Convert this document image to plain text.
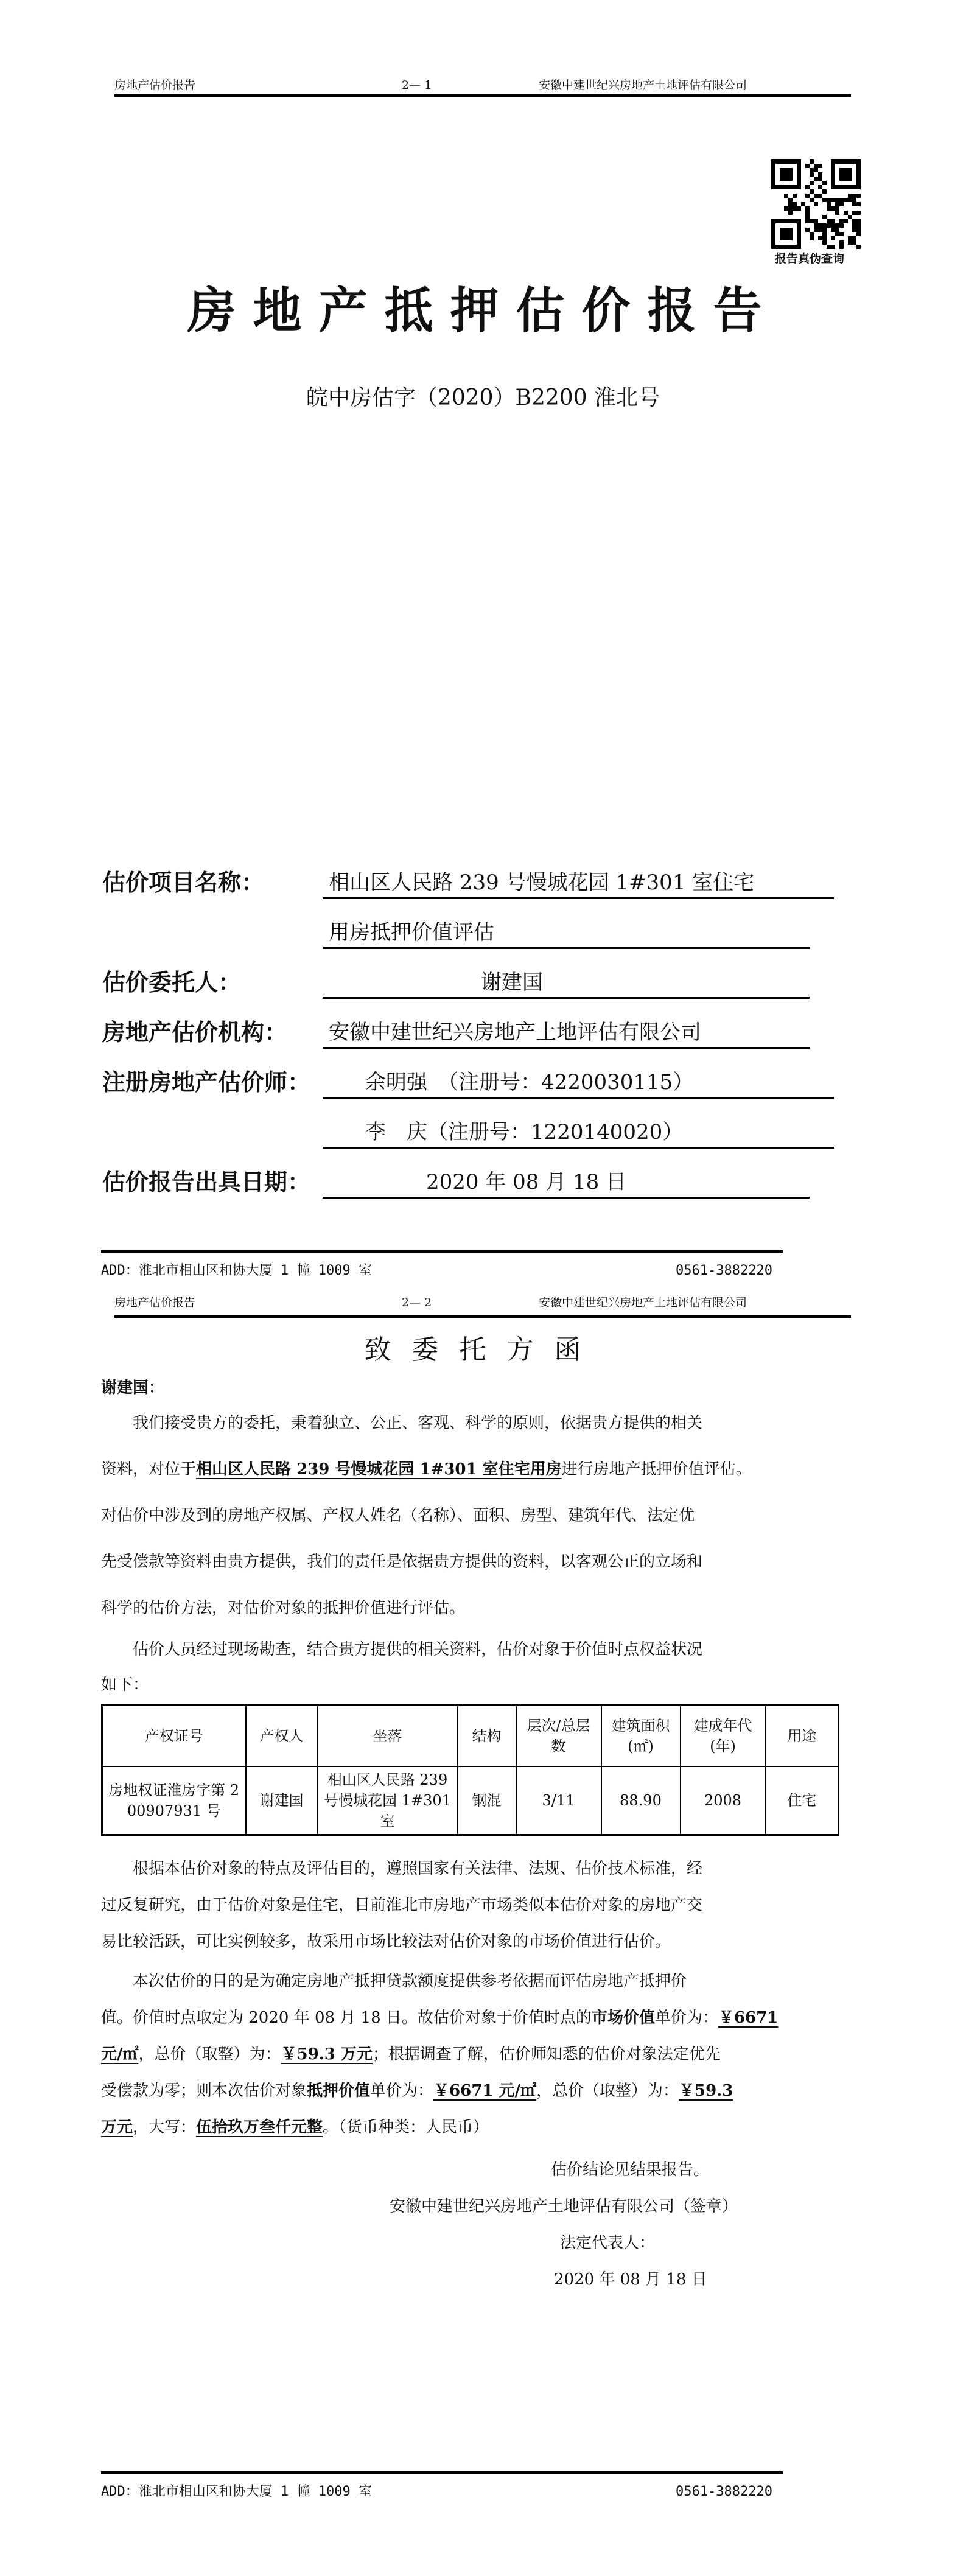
房地产估价报告	2— 1	安徽中建世纪兴房地产土地评估有限公司
报告真伪查询
房地产抵押估价报告
皖中房估字（2020）B2200 淮北号
估价项目名称：	相山区人民路 239 号慢城花园 1#301 室住宅
用房抵押价值评估
估价委托人：	谢建国
房地产估价机构： 安徽中建世纪兴房地产土地评估有限公司
注册房地产估价师：	余明强　（注册号：4220030115）
李　庆（注册号：1220140020）
估价报告出具日期：	2020 年 08 月 18 日
ADD：淮北市相山区和协大厦 1 幢 1009 室	0561-3882220
房地产估价报告	2— 2	安徽中建世纪兴房地产土地评估有限公司
致委托方函
谢建国：
我们接受贵方的委托，秉着独立、公正、客观、科学的原则，依据贵方提供的相关
资料，对位于相山区人民路 239 号慢城花园 1#301 室住宅用房进行房地产抵押价值评估。
对估价中涉及到的房地产权属、产权人姓名（名称）、面积、房型、建筑年代、法定优
先受偿款等资料由贵方提供，我们的责任是依据贵方提供的资料，以客观公正的立场和
科学的估价方法，对估价对象的抵押价值进行评估。
估价人员经过现场勘查，结合贵方提供的相关资料，估价对象于价值时点权益状况
如下：
产权证号	产权人	坐落	结构	层次/总层数	建筑面积(㎡)	建成年代(年)	用途
房地权证淮房字第 200907931 号	谢建国	相山区人民路 239 号慢城花园 1#301 室	钢混	3/11	88.90	2008	住宅
根据本估价对象的特点及评估目的，遵照国家有关法律、法规、估价技术标准，经
过反复研究，由于估价对象是住宅，目前淮北市房地产市场类似本估价对象的房地产交
易比较活跃，可比实例较多，故采用市场比较法对估价对象的市场价值进行估价。
本次估价的目的是为确定房地产抵押贷款额度提供参考依据而评估房地产抵押价
值。价值时点取定为 2020 年 08 月 18 日。故估价对象于价值时点的市场价值单价为：￥6671
元/㎡，总价（取整）为：￥59.3 万元；根据调查了解，估价师知悉的估价对象法定优先
受偿款为零；则本次估价对象抵押价值单价为：￥6671 元/㎡，总价（取整）为：￥59.3
万元，大写：伍拾玖万叁仟元整。（货币种类：人民币）
估价结论见结果报告。
安徽中建世纪兴房地产土地评估有限公司（签章）
法定代表人：
2020 年 08 月 18 日
ADD：淮北市相山区和协大厦 1 幢 1009 室	0561-3882220
